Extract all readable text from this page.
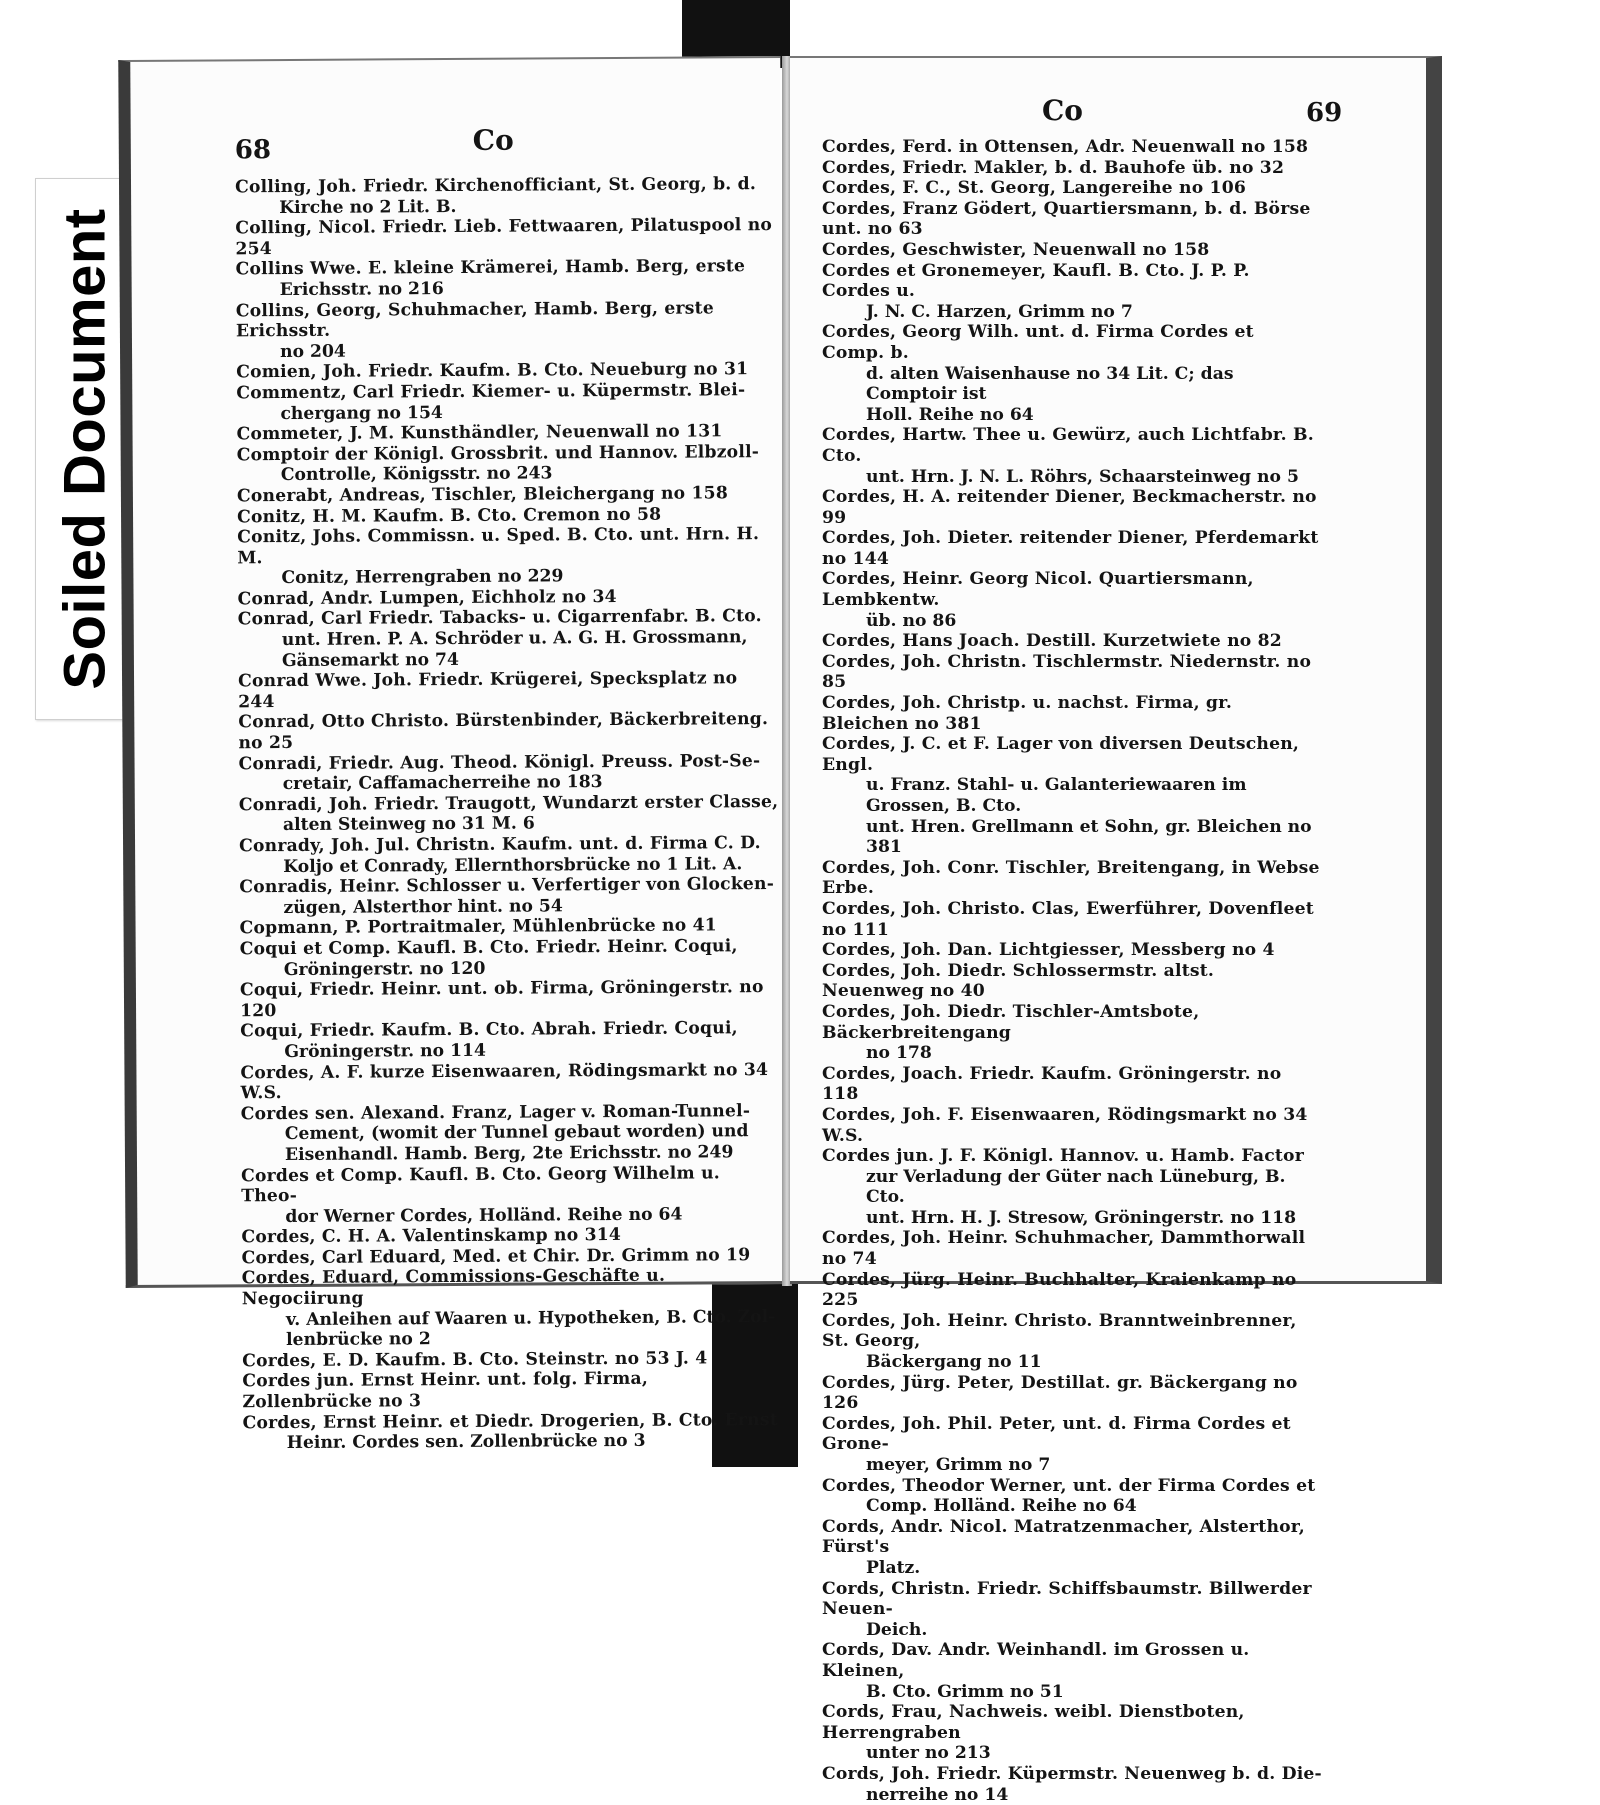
Soiled Document
68	Co
Colling, Joh. Friedr. Kirchenofficiant, St. Georg, b. d.
Kirche no 2 Lit. B.
Colling, Nicol. Friedr. Lieb. Fettwaaren, Pilatuspool no 254
Collins Wwe. E. kleine Krämerei, Hamb. Berg, erste
Erichsstr. no 216
Collins, Georg, Schuhmacher, Hamb. Berg, erste Erichsstr.
no 204
Comien, Joh. Friedr. Kaufm. B. Cto. Neueburg no 31
Commentz, Carl Friedr. Kiemer- u. Küpermstr. Blei-
chergang no 154
Commeter, J. M. Kunsthändler, Neuenwall no 131
Comptoir der Königl. Grossbrit. und Hannov. Elbzoll-
Controlle, Königsstr. no 243
Conerabt, Andreas, Tischler, Bleichergang no 158
Conitz, H. M. Kaufm. B. Cto. Cremon no 58
Conitz, Johs. Commissn. u. Sped. B. Cto. unt. Hrn. H. M.
Conitz, Herrengraben no 229
Conrad, Andr. Lumpen, Eichholz no 34
Conrad, Carl Friedr. Tabacks- u. Cigarrenfabr. B. Cto.
unt. Hren. P. A. Schröder u. A. G. H. Grossmann,
Gänsemarkt no 74
Conrad Wwe. Joh. Friedr. Krügerei, Specksplatz no 244
Conrad, Otto Christo. Bürstenbinder, Bäckerbreiteng. no 25
Conradi, Friedr. Aug. Theod. Königl. Preuss. Post-Se-
cretair, Caffamacherreihe no 183
Conradi, Joh. Friedr. Traugott, Wundarzt erster Classe,
alten Steinweg no 31 M. 6
Conrady, Joh. Jul. Christn. Kaufm. unt. d. Firma C. D.
Koljo et Conrady, Ellernthorsbrücke no 1 Lit. A.
Conradis, Heinr. Schlosser u. Verfertiger von Glocken-
zügen, Alsterthor hint. no 54
Copmann, P. Portraitmaler, Mühlenbrücke no 41
Coqui et Comp. Kaufl. B. Cto. Friedr. Heinr. Coqui,
Gröningerstr. no 120
Coqui, Friedr. Heinr. unt. ob. Firma, Gröningerstr. no 120
Coqui, Friedr. Kaufm. B. Cto. Abrah. Friedr. Coqui,
Gröningerstr. no 114
Cordes, A. F. kurze Eisenwaaren, Rödingsmarkt no 34 W.S.
Cordes sen. Alexand. Franz, Lager v. Roman-Tunnel-
Cement, (womit der Tunnel gebaut worden) und
Eisenhandl. Hamb. Berg, 2te Erichsstr. no 249
Cordes et Comp. Kaufl. B. Cto. Georg Wilhelm u. Theo-
dor Werner Cordes, Holländ. Reihe no 64
Cordes, C. H. A. Valentinskamp no 314
Cordes, Carl Eduard, Med. et Chir. Dr. Grimm no 19
Cordes, Eduard, Commissions-Geschäfte u. Negociirung
v. Anleihen auf Waaren u. Hypotheken, B. Cto. Zol-
lenbrücke no 2
Cordes, E. D. Kaufm. B. Cto. Steinstr. no 53 J. 4
Cordes jun. Ernst Heinr. unt. folg. Firma, Zollenbrücke no 3
Cordes, Ernst Heinr. et Diedr. Drogerien, B. Cto. Ernst
Heinr. Cordes sen. Zollenbrücke no 3
Co	69
Cordes, Ferd. in Ottensen, Adr. Neuenwall no 158
Cordes, Friedr. Makler, b. d. Bauhofe üb. no 32
Cordes, F. C., St. Georg, Langereihe no 106
Cordes, Franz Gödert, Quartiersmann, b. d. Börse unt. no 63
Cordes, Geschwister, Neuenwall no 158
Cordes et Gronemeyer, Kaufl. B. Cto. J. P. P. Cordes u.
J. N. C. Harzen, Grimm no 7
Cordes, Georg Wilh. unt. d. Firma Cordes et Comp. b.
d. alten Waisenhause no 34 Lit. C; das Comptoir ist
Holl. Reihe no 64
Cordes, Hartw. Thee u. Gewürz, auch Lichtfabr. B. Cto.
unt. Hrn. J. N. L. Röhrs, Schaarsteinweg no 5
Cordes, H. A. reitender Diener, Beckmacherstr. no 99
Cordes, Joh. Dieter. reitender Diener, Pferdemarkt no 144
Cordes, Heinr. Georg Nicol. Quartiersmann, Lembkentw.
üb. no 86
Cordes, Hans Joach. Destill. Kurzetwiete no 82
Cordes, Joh. Christn. Tischlermstr. Niedernstr. no 85
Cordes, Joh. Christp. u. nachst. Firma, gr. Bleichen no 381
Cordes, J. C. et F. Lager von diversen Deutschen, Engl.
u. Franz. Stahl- u. Galanteriewaaren im Grossen, B. Cto.
unt. Hren. Grellmann et Sohn, gr. Bleichen no 381
Cordes, Joh. Conr. Tischler, Breitengang, in Webse Erbe.
Cordes, Joh. Christo. Clas, Ewerführer, Dovenfleet no 111
Cordes, Joh. Dan. Lichtgiesser, Messberg no 4
Cordes, Joh. Diedr. Schlossermstr. altst. Neuenweg no 40
Cordes, Joh. Diedr. Tischler-Amtsbote, Bäckerbreitengang
no 178
Cordes, Joach. Friedr. Kaufm. Gröningerstr. no 118
Cordes, Joh. F. Eisenwaaren, Rödingsmarkt no 34 W.S.
Cordes jun. J. F. Königl. Hannov. u. Hamb. Factor
zur Verladung der Güter nach Lüneburg, B. Cto.
unt. Hrn. H. J. Stresow, Gröningerstr. no 118
Cordes, Joh. Heinr. Schuhmacher, Dammthorwall no 74
Cordes, Jürg. Heinr. Buchhalter, Kraienkamp no 225
Cordes, Joh. Heinr. Christo. Branntweinbrenner, St. Georg,
Bäckergang no 11
Cordes, Jürg. Peter, Destillat. gr. Bäckergang no 126
Cordes, Joh. Phil. Peter, unt. d. Firma Cordes et Grone-
meyer, Grimm no 7
Cordes, Theodor Werner, unt. der Firma Cordes et
Comp. Holländ. Reihe no 64
Cords, Andr. Nicol. Matratzenmacher, Alsterthor, Fürst's
Platz.
Cords, Christn. Friedr. Schiffsbaumstr. Billwerder Neuen-
Deich.
Cords, Dav. Andr. Weinhandl. im Grossen u. Kleinen,
B. Cto. Grimm no 51
Cords, Frau, Nachweis. weibl. Dienstboten, Herrengraben
unter no 213
Cords, Joh. Friedr. Küpermstr. Neuenweg b. d. Die-
nerreihe no 14
